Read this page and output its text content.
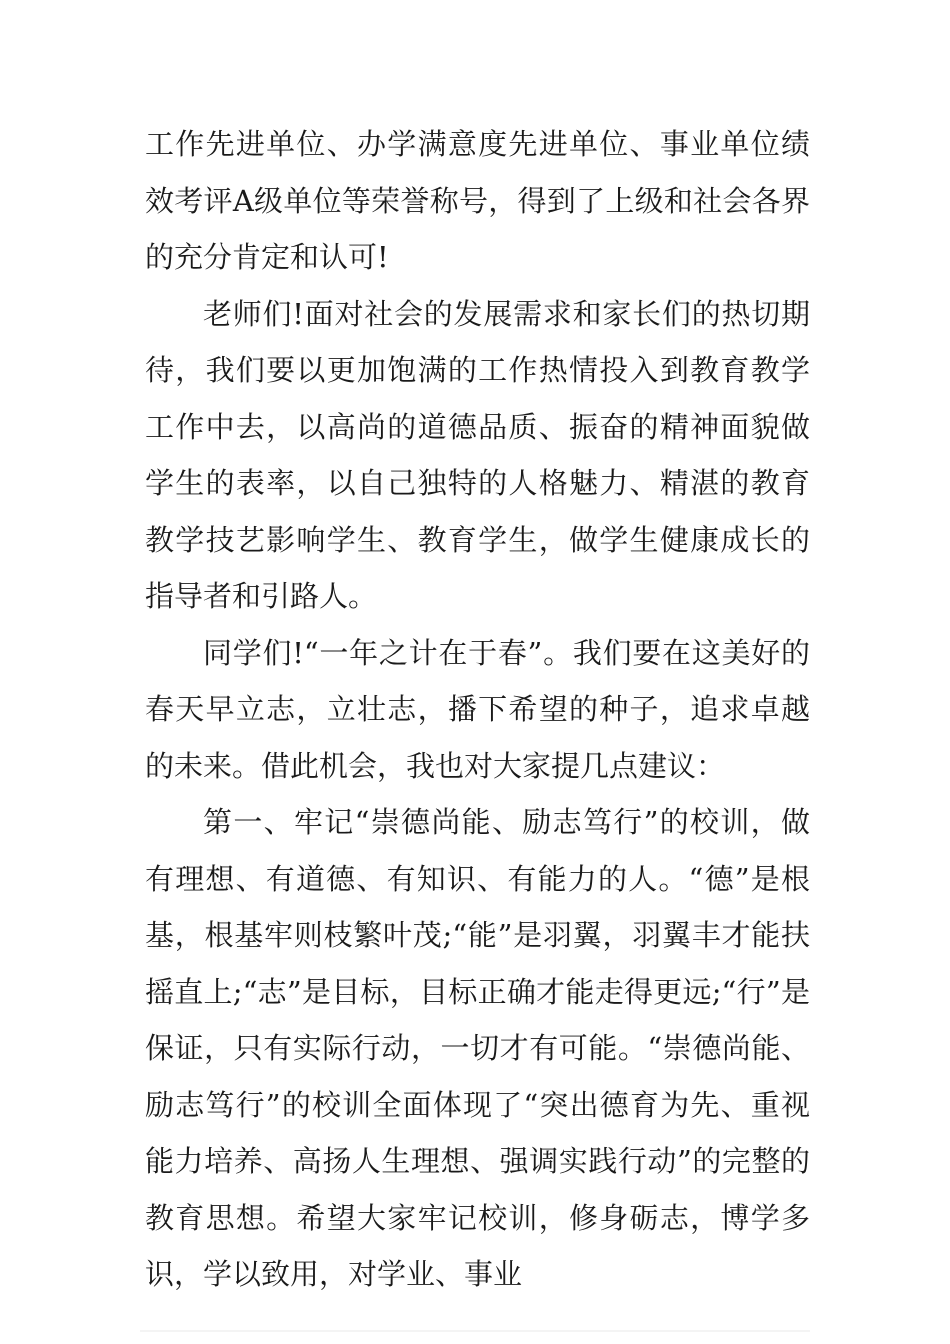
工作先进单位、办学满意度先进单位、事业单位绩效考评A级单位等荣誉称号，得到了上级和社会各界的充分肯定和认可!

老师们!面对社会的发展需求和家长们的热切期待，我们要以更加饱满的工作热情投入到教育教学工作中去，以高尚的道德品质、振奋的精神面貌做学生的表率，以自己独特的人格魅力、精湛的教育教学技艺影响学生、教育学生，做学生健康成长的指导者和引路人。

同学们!“一年之计在于春”。我们要在这美好的春天早立志，立壮志，播下希望的种子，追求卓越的未来。借此机会，我也对大家提几点建议：

第一、牢记“崇德尚能、励志笃行”的校训，做有理想、有道德、有知识、有能力的人。“德”是根基，根基牢则枝繁叶茂;“能”是羽翼，羽翼丰才能扶摇直上;“志”是目标，目标正确才能走得更远;“行”是保证，只有实际行动，一切才有可能。“崇德尚能、励志笃行”的校训全面体现了“突出德育为先、重视能力培养、高扬人生理想、强调实践行动”的完整的教育思想。希望大家牢记校训，修身砺志，博学多识，学以致用，对学业、事业
